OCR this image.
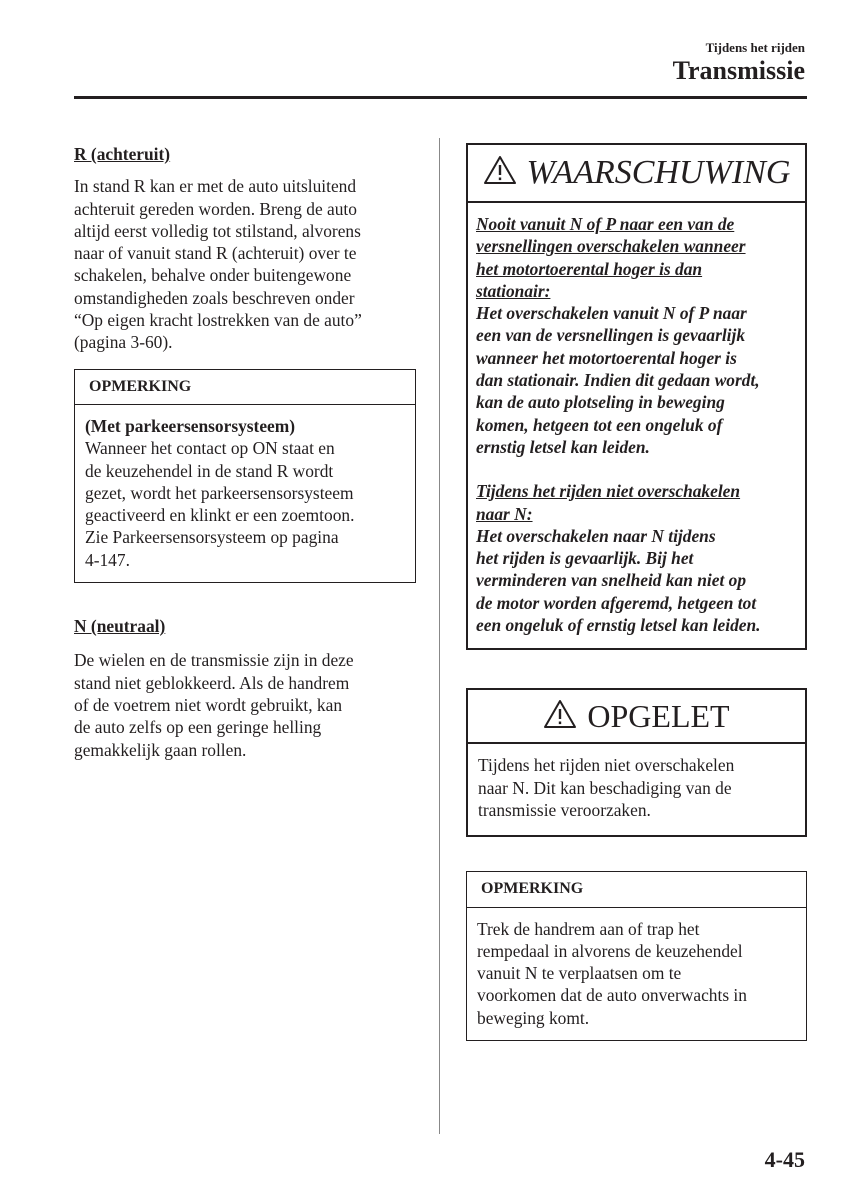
Tijdens het rijden
Transmissie

R (achteruit)

In stand R kan er met de auto uitsluitend
achteruit gereden worden. Breng de auto
altijd eerst volledig tot stilstand, alvorens
naar of vanuit stand R (achteruit) over te
schakelen, behalve onder buitengewone
omstandigheden zoals beschreven onder
“Op eigen kracht lostrekken van de auto”
(pagina 3-60).
OPMERKING
(Met parkeersensorsysteem)
Wanneer het contact op ON staat en
de keuzehendel in de stand R wordt
gezet, wordt het parkeersensorsysteem
geactiveerd en klinkt er een zoemtoon.
Zie Parkeersensorsysteem op pagina
4-147.

N (neutraal)

De wielen en de transmissie zijn in deze
stand niet geblokkeerd. Als de handrem
of de voetrem niet wordt gebruikt, kan
de auto zelfs op een geringe helling
gemakkelijk gaan rollen.
WAARSCHUWING
Nooit vanuit N of P naar een van de
versnellingen overschakelen wanneer
het motortoerental hoger is dan
stationair:
Het overschakelen vanuit N of P naar
een van de versnellingen is gevaarlijk
wanneer het motortoerental hoger is
dan stationair. Indien dit gedaan wordt,
kan de auto plotseling in beweging
komen, hetgeen tot een ongeluk of
ernstig letsel kan leiden.
Tijdens het rijden niet overschakelen
naar N:
Het overschakelen naar N tijdens
het rijden is gevaarlijk. Bij het
verminderen van snelheid kan niet op
de motor worden afgeremd, hetgeen tot
een ongeluk of ernstig letsel kan leiden.
OPGELET
Tijdens het rijden niet overschakelen
naar N. Dit kan beschadiging van de
transmissie veroorzaken.
OPMERKING
Trek de handrem aan of trap het
rempedaal in alvorens de keuzehendel
vanuit N te verplaatsen om te
voorkomen dat de auto onverwachts in
beweging komt.
4-45
